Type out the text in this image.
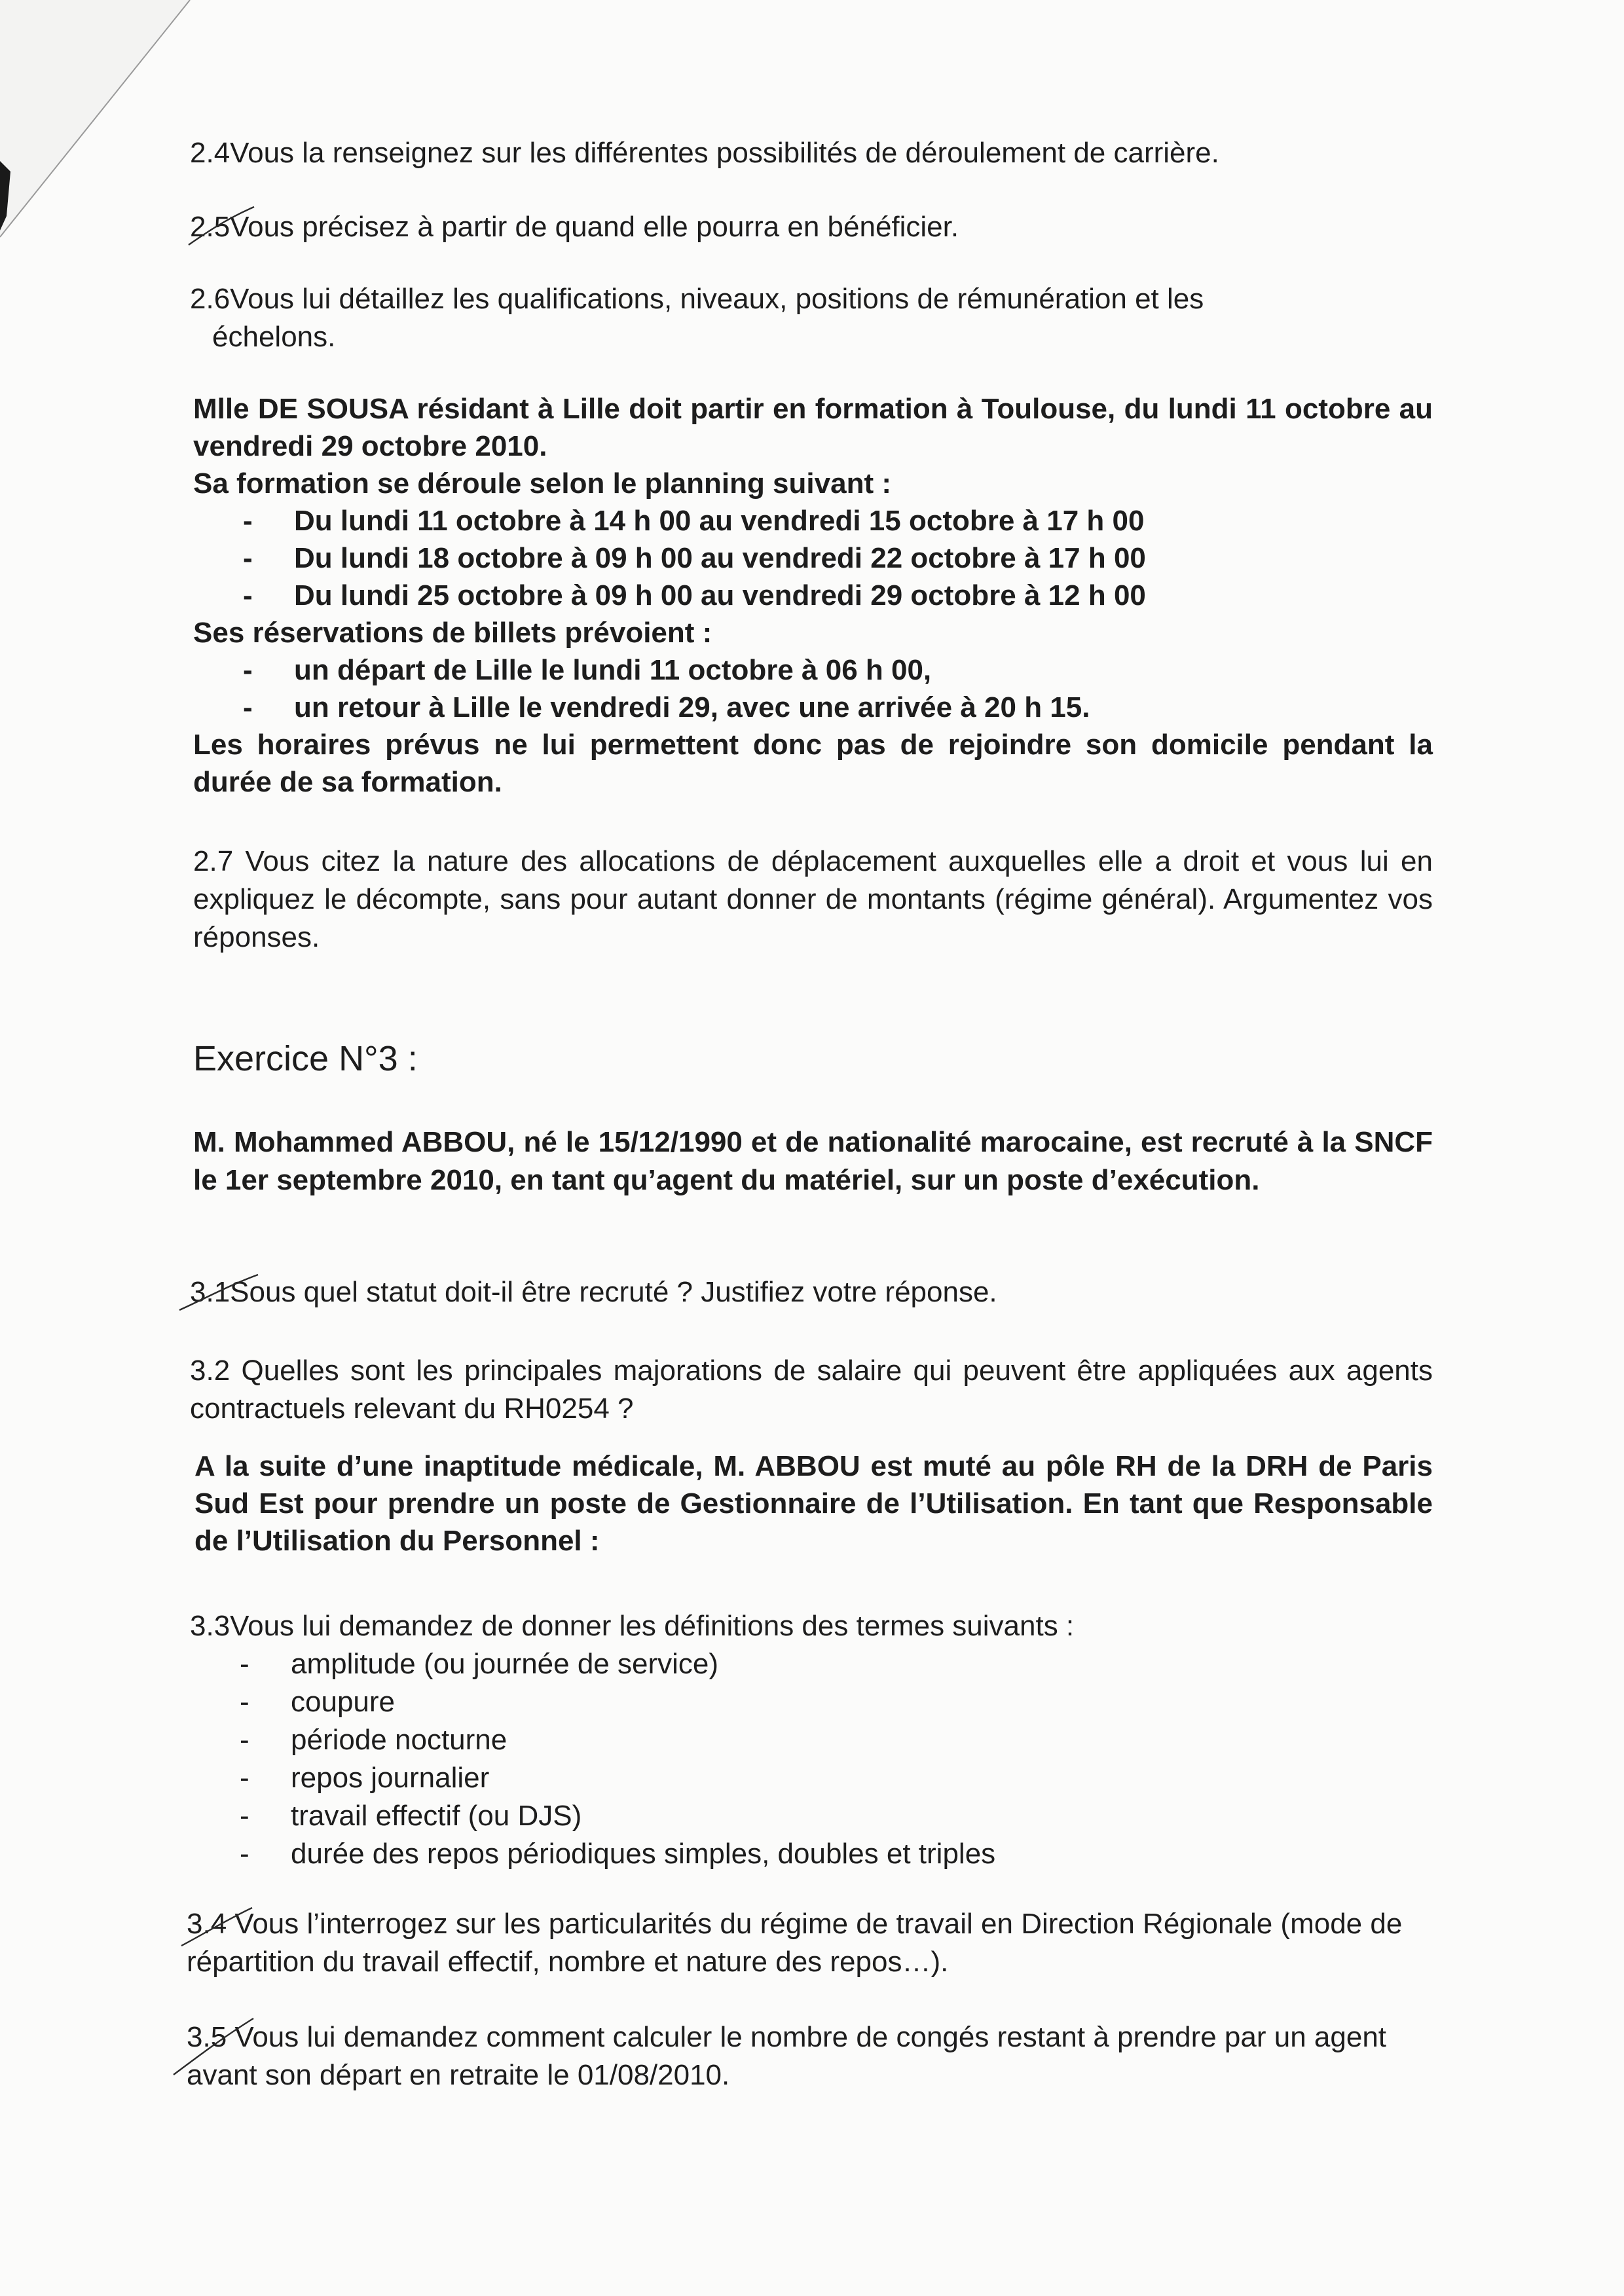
2.4Vous la renseignez sur les différentes possibilités de déroulement de carrière.

2.5
Vous précisez à partir de quand elle pourra en bénéficier.

2.6Vous lui détaillez les qualifications, niveaux, positions de rémunération et les

échelons.

Mlle DE SOUSA résidant à Lille doit partir en formation à Toulouse, du lundi 11 octobre au vendredi 29 octobre 2010.

Sa formation se déroule selon le planning suivant :

- Du lundi 11 octobre à 14 h 00 au vendredi 15 octobre à 17 h 00
- Du lundi 18 octobre à 09 h 00 au vendredi 22 octobre à 17 h 00
- Du lundi 25 octobre à 09 h 00 au vendredi 29 octobre à 12 h 00

Ses réservations de billets prévoient :

- un départ de Lille le lundi 11 octobre à 06 h 00,
- un retour à Lille le vendredi 29, avec une arrivée à 20 h 15.

Les horaires prévus ne lui permettent donc pas de rejoindre son domicile pendant la durée de sa formation.

2.7 Vous citez la nature des allocations de déplacement auxquelles elle a droit et vous lui en expliquez le décompte, sans pour autant donner de montants (régime général). Argumentez vos réponses.

Exercice N°3 :

M. Mohammed ABBOU, né le 15/12/1990 et de nationalité marocaine, est recruté à la SNCF le 1er septembre 2010, en tant qu’agent du matériel, sur un poste d’exécution.

3.1
Sous quel statut doit-il être recruté ? Justifiez votre réponse.

3.2 Quelles sont les principales majorations de salaire qui peuvent être appliquées aux agents contractuels relevant du RH0254 ?

A la suite d’une inaptitude médicale, M. ABBOU est muté au pôle RH de la DRH de Paris Sud Est pour prendre un poste de Gestionnaire de l’Utilisation. En tant que Responsable de l’Utilisation du Personnel :

3.3Vous lui demandez de donner les définitions des termes suivants :

- amplitude (ou journée de service)
- coupure
- période nocturne
- repos journalier
- travail effectif (ou DJS)
- durée des repos périodiques simples, doubles et triples

3.4 Vous l’interrogez sur les particularités du régime de travail en Direction Régionale (mode de répartition du travail effectif, nombre et nature des repos…).

3.5 Vous lui demandez comment calculer le nombre de congés restant à prendre par un agent avant son départ en retraite le 01/08/2010.
